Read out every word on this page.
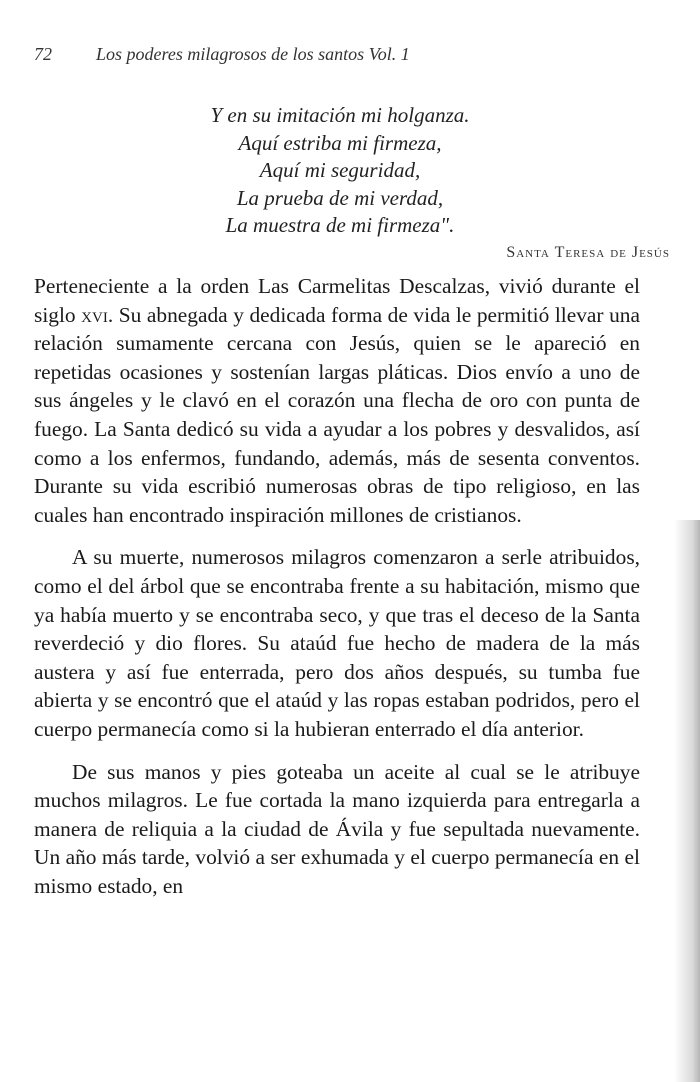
72 Los poderes milagrosos de los santos Vol. 1
Y en su imitación mi holganza.
Aquí estriba mi firmeza,
Aquí mi seguridad,
La prueba de mi verdad,
La muestra de mi firmeza".
Santa Teresa de Jesús

Perteneciente a la orden Las Carmelitas Descalzas, vivió durante el siglo xvi. Su abnegada y dedicada forma de vida le permitió llevar una relación sumamente cercana con Jesús, quien se le apareció en repetidas ocasiones y sostenían largas pláticas. Dios envío a uno de sus ángeles y le clavó en el corazón una flecha de oro con punta de fuego. La Santa dedicó su vida a ayudar a los pobres y desvalidos, así como a los enfermos, fundando, además, más de sesenta conventos. Durante su vida escribió numerosas obras de tipo religioso, en las cuales han encontrado inspiración millones de cristianos.

A su muerte, numerosos milagros comenzaron a serle atribuidos, como el del árbol que se encontraba frente a su habitación, mismo que ya había muerto y se encontraba seco, y que tras el deceso de la Santa reverdeció y dio flores. Su ataúd fue hecho de madera de la más austera y así fue enterrada, pero dos años después, su tumba fue abierta y se encontró que el ataúd y las ropas estaban podridos, pero el cuerpo permanecía como si la hubieran enterrado el día anterior.

De sus manos y pies goteaba un aceite al cual se le atribuye muchos milagros. Le fue cortada la mano izquierda para entregarla a manera de reliquia a la ciudad de Ávila y fue sepultada nuevamente. Un año más tarde, volvió a ser exhumada y el cuerpo permanecía en el mismo estado, en
